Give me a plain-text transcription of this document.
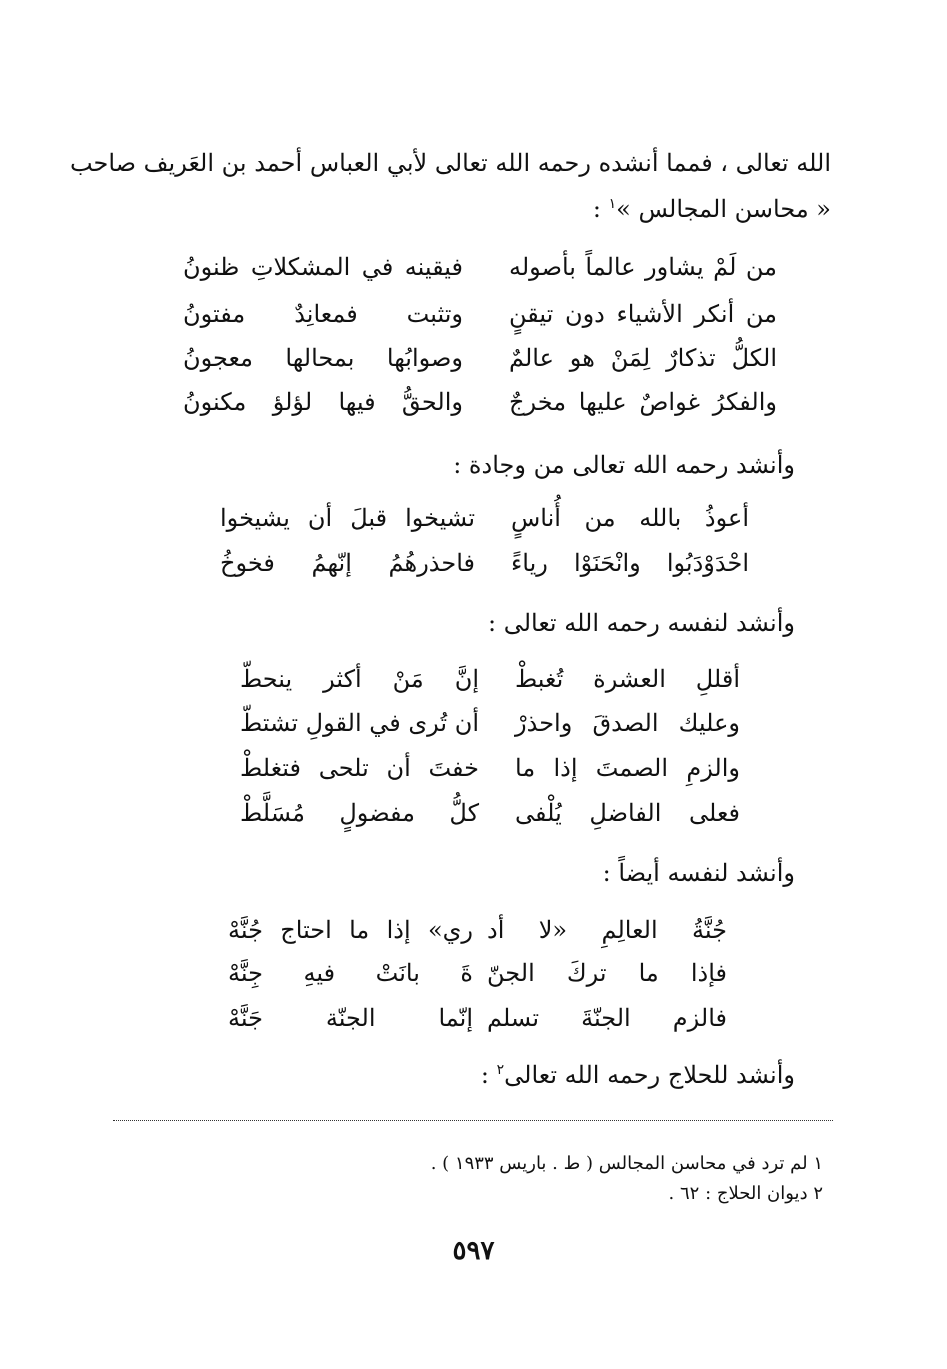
الله تعالى ، فمما أنشده رحمه الله تعالى لأبي العباس أحمد بن العَريف صاحب
« محاسن المجالس »$^١$ :
من لَمْ يشاور عالماً بأصوله
فيقينه في المشكلاتِ ظنونُ
من أنكر الأشياء دون تيقنٍ
وتثبت فمعانِدٌ مفتونُ
الكلُّ تذكارٌ لِمَنْ هو عالمٌ
وصوابُها بمحالها معجونُ
والفكرُ غواصٌ عليها مخرجٌ
والحقُّ فيها لؤلؤ مكنونُ
وأنشد رحمه الله تعالى من وجادة :
أعوذُ بالله من أُناسٍ
تشيخوا قبلَ أن يشيخوا
احْدَوْدَبُوا وانْحَنَوْا رياءً
فاحذرهُمُ إنّهمُ فخوخُ
وأنشد لنفسه رحمه الله تعالى :
أقللِ العشرة تُغبطْ
إنَّ مَنْ أكثر ينحطّ
وعليك الصدقَ واحذرْ
أن تُرى في القولِ تشتطّ
والزمِ الصمتَ إذا ما
خفتَ أن تلحى فتغلطْ
فعلى الفاضلِ يُلْفى
كلُّ مفضولٍ مُسَلَّطْ
وأنشد لنفسه أيضاً :
جُنَّةُ العالِمِ «لا أد
ري» إذا ما احتاج جُنَّهْ
فإذا ما تركَ الجنّ
ةَ بانَتْ فيهِ جِنَّهْ
فالزم الجنّةَ تسلم
إنّما الجنّة جَنَّهْ
وأنشد للحلاج رحمه الله تعالى$^٢$ :
١ لم ترد في محاسن المجالس ( ط . باريس ١٩٣٣ ) .
٢ ديوان الحلاج : ٦٢ .
٥٩٧
